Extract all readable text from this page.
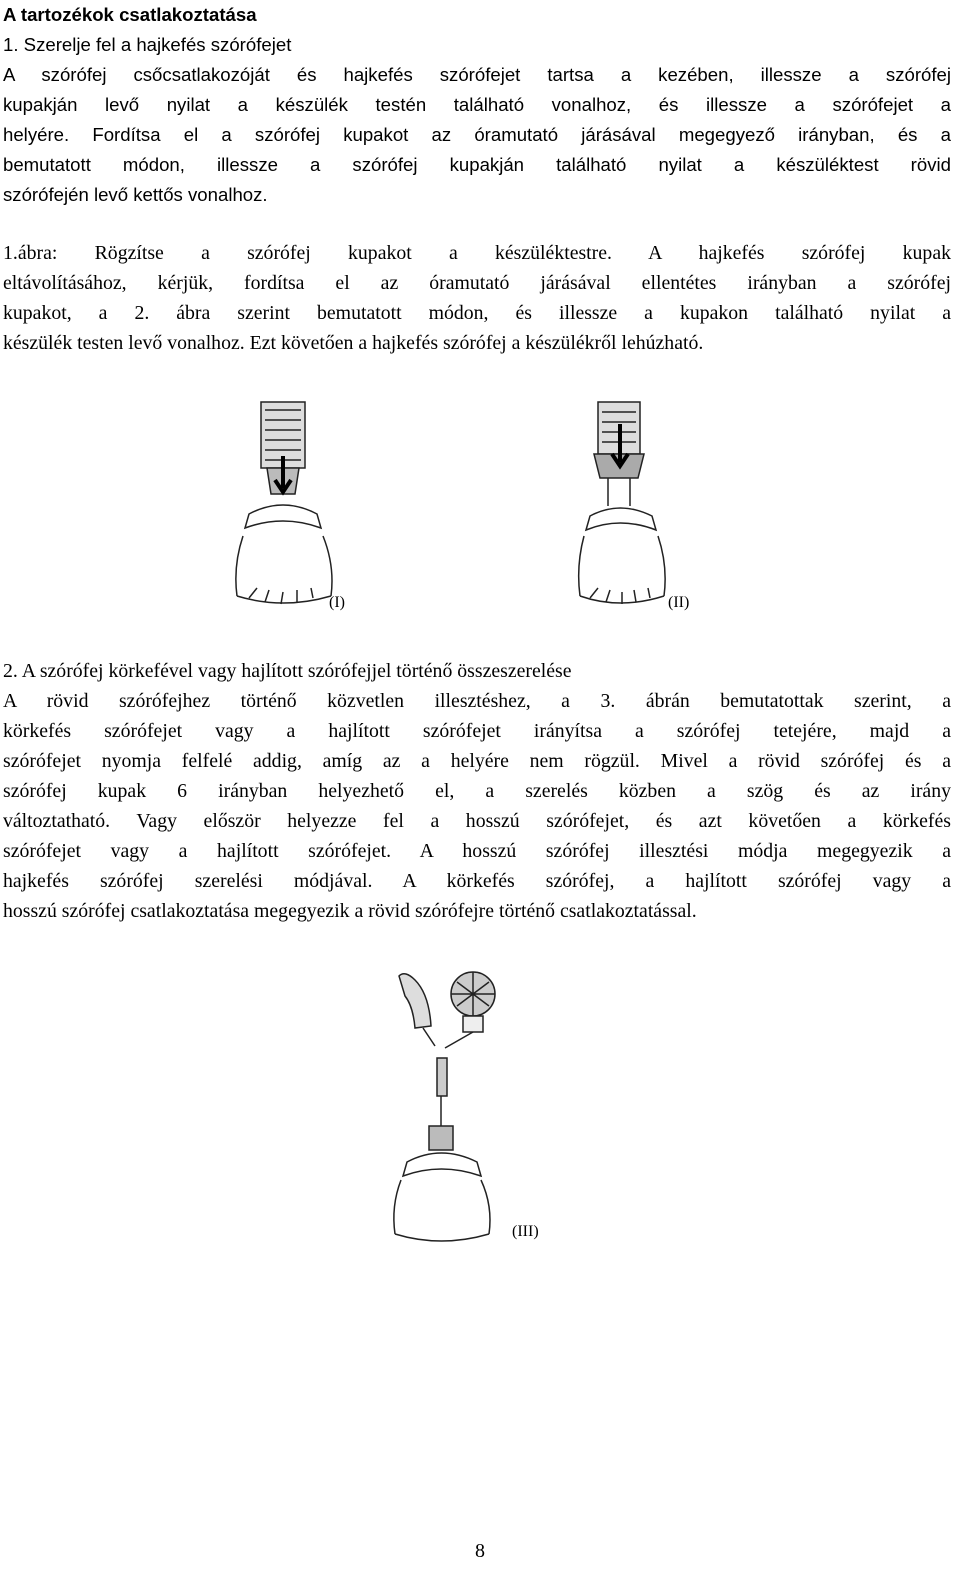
A tartozékok csatlakoztatása
1. Szerelje fel a hajkefés szórófejet
A szórófej csőcsatlakozóját és hajkefés szórófejet tartsa a kezében, illessze a szórófej
kupakján levő nyilat a készülék testén található vonalhoz, és illessze a szórófejet a
helyére. Fordítsa el a szórófej kupakot az óramutató járásával megegyező irányban, és a
bemutatott módon, illessze a szórófej kupakján található nyilat a készüléktest rövid
szórófején levő kettős vonalhoz.
1.ábra: Rögzítse a szórófej kupakot a készüléktestre. A hajkefés szórófej kupak
eltávolításához, kérjük, fordítsa el az óramutató járásával ellentétes irányban a szórófej
kupakot, a 2. ábra szerint bemutatott módon, és illessze a kupakon található nyilat a
készülék testen levő vonalhoz. Ezt követően a hajkefés szórófej a készülékről lehúzható.
(I)	(II)
2. A szórófej körkefével vagy hajlított szórófejjel történő összeszerelése
A rövid szórófejhez történő közvetlen illesztéshez, a 3. ábrán bemutatottak szerint, a
körkefés szórófejet vagy a hajlított szórófejet irányítsa a szórófej tetejére, majd a
szórófejet nyomja felfelé addig, amíg az a helyére nem rögzül. Mivel a rövid szórófej és a
szórófej kupak 6 irányban helyezhető el, a szerelés közben a szög és az irány
változtatható. Vagy először helyezze fel a hosszú szórófejet, és azt követően a körkefés
szórófejet vagy a hajlított szórófejet. A hosszú szórófej illesztési módja megegyezik a
hajkefés szórófej szerelési módjával. A körkefés szórófej, a hajlított szórófej vagy a
hosszú szórófej csatlakoztatása megegyezik a rövid szórófejre történő csatlakoztatással.
(III)
8
